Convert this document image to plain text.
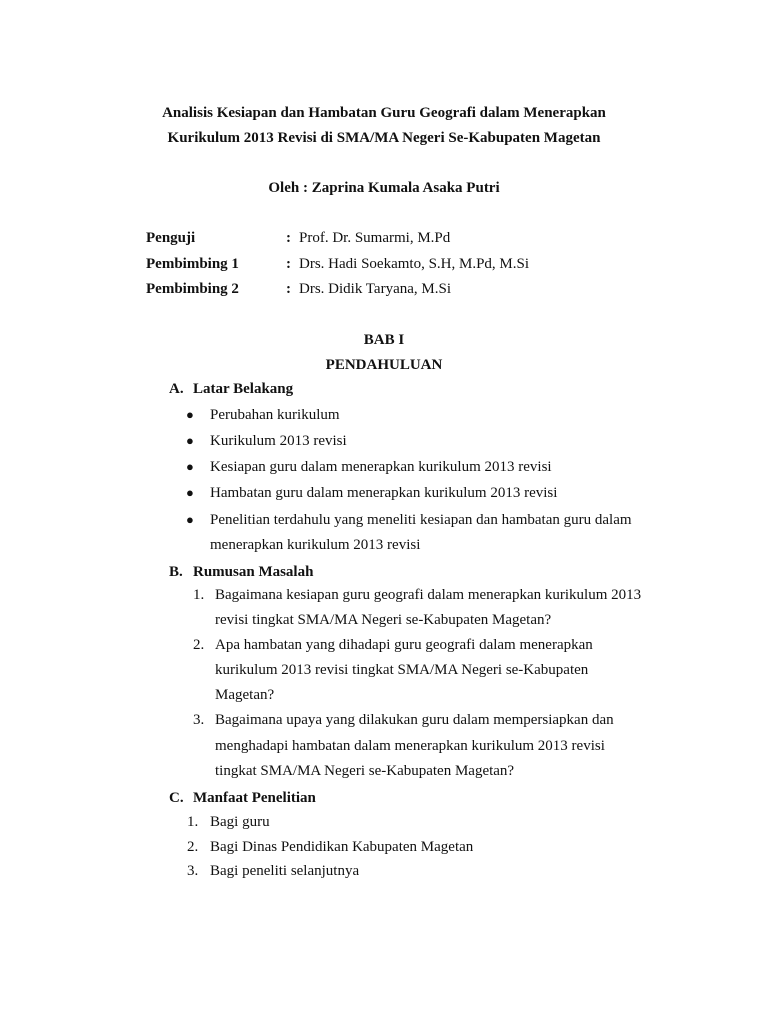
Analisis Kesiapan dan Hambatan Guru Geografi dalam Menerapkan
Kurikulum 2013 Revisi di SMA/MA Negeri Se-Kabupaten Magetan
Oleh : Zaprina Kumala Asaka Putri
Penguji	: Prof. Dr. Sumarmi, M.Pd
Pembimbing 1	: Drs. Hadi Soekamto, S.H, M.Pd, M.Si
Pembimbing 2	: Drs. Didik Taryana, M.Si
BAB I
PENDAHULUAN
A. Latar Belakang
● Perubahan kurikulum
● Kurikulum 2013 revisi
● Kesiapan guru dalam menerapkan kurikulum 2013 revisi
● Hambatan guru dalam menerapkan kurikulum 2013 revisi
● Penelitian terdahulu yang meneliti kesiapan dan hambatan guru dalam
menerapkan kurikulum 2013 revisi
B. Rumusan Masalah
1. Bagaimana kesiapan guru geografi dalam menerapkan kurikulum 2013
revisi tingkat SMA/MA Negeri se-Kabupaten Magetan?
2. Apa hambatan yang dihadapi guru geografi dalam menerapkan
kurikulum 2013 revisi tingkat SMA/MA Negeri se-Kabupaten
Magetan?
3. Bagaimana upaya yang dilakukan guru dalam mempersiapkan dan
menghadapi hambatan dalam menerapkan kurikulum 2013 revisi
tingkat SMA/MA Negeri se-Kabupaten Magetan?
C. Manfaat Penelitian
1. Bagi guru
2. Bagi Dinas Pendidikan Kabupaten Magetan
3. Bagi peneliti selanjutnya
